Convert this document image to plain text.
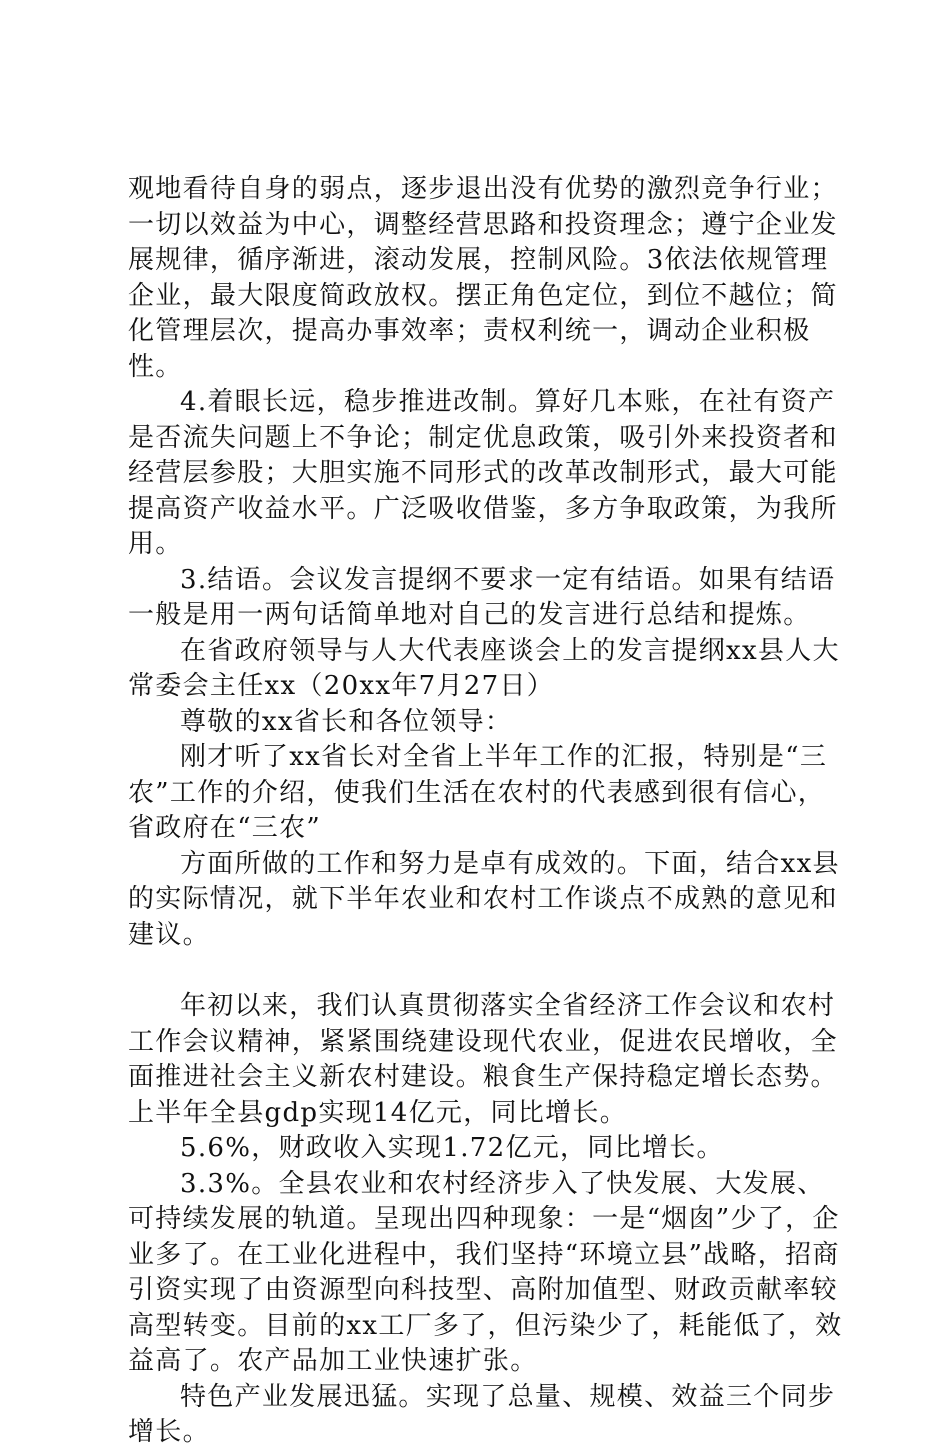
观地看待自身的弱点，逐步退出没有优势的激烈竞争行业；一切以效益为中心，调整经营思路和投资理念；遵宁企业发展规律，循序渐进，滚动发展，控制风险。3依法依规管理企业，最大限度简政放权。摆正角色定位，到位不越位；简化管理层次，提高办事效率；责权利统一，调动企业积极性。

4.着眼长远，稳步推进改制。算好几本账，在社有资产是否流失问题上不争论；制定优息政策，吸引外来投资者和经营层参股；大胆实施不同形式的改革改制形式，最大可能提高资产收益水平。广泛吸收借鉴，多方争取政策，为我所用。

3.结语。会议发言提纲不要求一定有结语。如果有结语一般是用一两句话简单地对自己的发言进行总结和提炼。

在省政府领导与人大代表座谈会上的发言提纲xx县人大常委会主任xx（20xx年7月27日）

尊敬的xx省长和各位领导：

刚才听了xx省长对全省上半年工作的汇报，特别是“三农”工作的介绍，使我们生活在农村的代表感到很有信心，省政府在“三农”

方面所做的工作和努力是卓有成效的。下面，结合xx县的实际情况，就下半年农业和农村工作谈点不成熟的意见和建议。

年初以来，我们认真贯彻落实全省经济工作会议和农村工作会议精神，紧紧围绕建设现代农业，促进农民增收，全面推进社会主义新农村建设。粮食生产保持稳定增长态势。上半年全县gdp实现14亿元，同比增长。

5.6%，财政收入实现1.72亿元，同比增长。

3.3%。全县农业和农村经济步入了快发展、大发展、可持续发展的轨道。呈现出四种现象：一是“烟囱”少了，企业多了。在工业化进程中，我们坚持“环境立县”战略，招商引资实现了由资源型向科技型、高附加值型、财政贡献率较高型转变。目前的xx工厂多了，但污染少了，耗能低了，效益高了。农产品加工业快速扩张。

特色产业发展迅猛。实现了总量、规模、效益三个同步增长。
